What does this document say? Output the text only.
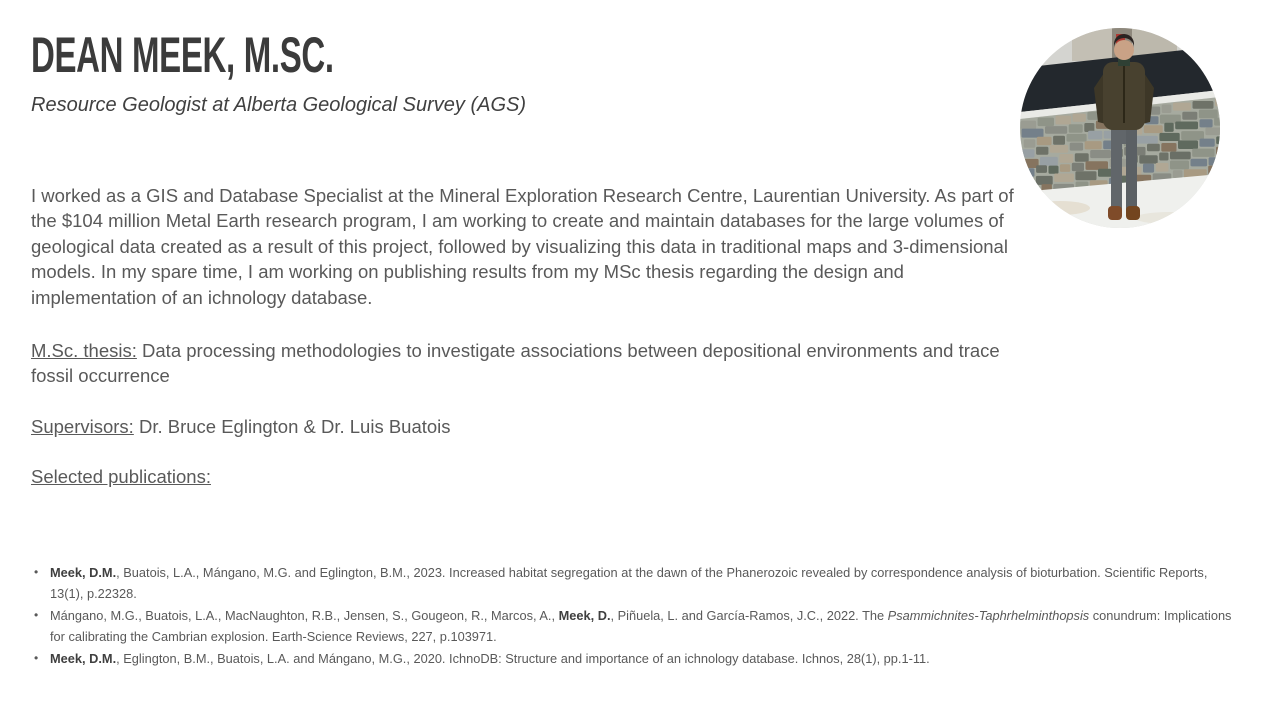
DEAN MEEK, M.SC.
Resource Geologist at Alberta Geological Survey (AGS)
I worked as a GIS and Database Specialist at the Mineral Exploration Research Centre, Laurentian University. As part of the $104 million Metal Earth research program, I am working to create and maintain databases for the large volumes of geological data created as a result of this project, followed by visualizing this data in traditional maps and 3-dimensional models. In my spare time, I am working on publishing results from my MSc thesis regarding the design and implementation of an ichnology database.
M.Sc. thesis: Data processing methodologies to investigate associations between depositional environments and trace fossil occurrence
Supervisors: Dr. Bruce Eglington & Dr. Luis Buatois
Selected publications:
• Meek, D.M., Buatois, L.A., Mángano, M.G. and Eglington, B.M., 2023. Increased habitat segregation at the dawn of the Phanerozoic revealed by correspondence analysis of bioturbation. Scientific Reports, 13(1), p.22328.
• Mángano, M.G., Buatois, L.A., MacNaughton, R.B., Jensen, S., Gougeon, R., Marcos, A., Meek, D., Piñuela, L. and García-Ramos, J.C., 2022. The Psammichnites-Taphrhelminthopsis conundrum: Implications for calibrating the Cambrian explosion. Earth-Science Reviews, 227, p.103971.
• Meek, D.M., Eglington, B.M., Buatois, L.A. and Mángano, M.G., 2020. IchnoDB: Structure and importance of an ichnology database. Ichnos, 28(1), pp.1-11.
